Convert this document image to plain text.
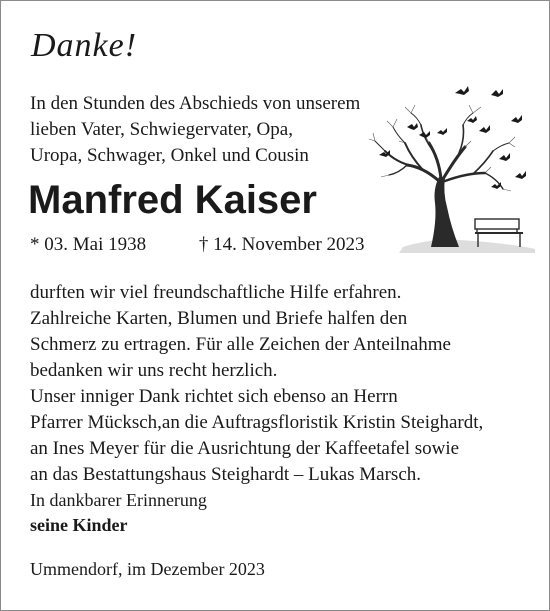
Danke!

In den Stunden des Abschieds von unserem
lieben Vater, Schwiegervater, Opa,
Uropa, Schwager, Onkel und Cousin

Manfred Kaiser
* 03. Mai 1938	† 14. November 2023

durften wir viel freundschaftliche Hilfe erfahren.
Zahlreiche Karten, Blumen und Briefe halfen den
Schmerz zu ertragen. Für alle Zeichen der Anteilnahme
bedanken wir uns recht herzlich.
Unser inniger Dank richtet sich ebenso an Herrn
Pfarrer Mücksch,an die Auftragsfloristik Kristin Steighardt,
an Ines Meyer für die Ausrichtung der Kaffeetafel sowie
an das Bestattungshaus Steighardt – Lukas Marsch.

In dankbarer Erinnerung
seine Kinder
Ummendorf, im Dezember 2023
